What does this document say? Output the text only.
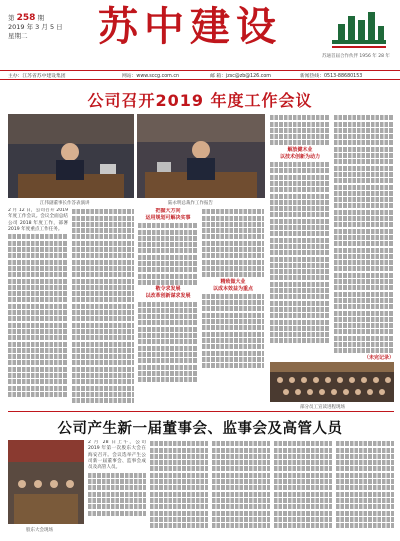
第 258 期
2019 年 3 月 5 日
星期二	苏中建设
苏通首届合作伙伴 1956 年 28 年
主办：江苏省苏中建设集团	网站：www.sccg.com.cn	邮 箱：jzsc@zb@126.com	新闻热线：0513-88680153
公司召开2019 年度工作会议
江伟副董事长作答表演讲	陆永明总裁作工作报告
2 月 12 日，公司召开 2019 年度工作会议。会议全面总结公司 2018 年度工作，部署 2019 年度重点工作任务。
把握大方向
运用规划可解决实事
敬令求发展
以改革创新谋求发展
精致做大业
以成本效益为重点
解放健木业
以技术创新为动力
（未完记录）
部分员工宣读进程现场
公司产生新一届董事会、监事会及高管人员
股东大会现场
2 月 28 日上午，公司 2019 年第一次股东大会在海安召开。会议选举产生公司新一届董事会、监事会成员及高管人员。
